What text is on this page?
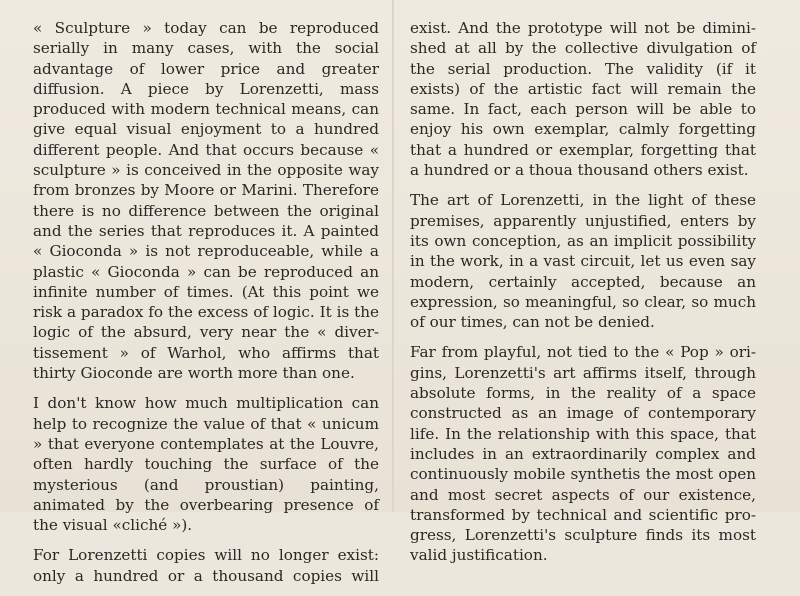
« Sculpture » today can be reproduced serially in many cases, with the social advantage of lower price and greater diffusion. A piece by Lorenzetti, mass produced with modern technical means, can give equal visual enjoyment to a hundred different people. And that occurs because « sculpture » is conceived in the opposite way from bronzes by Moore or Marini. Therefore there is no difference between the original and the series that reproduces it. A painted « Gioconda » is not reproduceable, while a plastic « Gioconda » can be reproduced an infinite number of times. (At this point we risk a paradox fo the excess of logic. It is the logic of the absurd, very near the « divertissement » of Warhol, who affirms that thirty Gioconde are worth more than one.

I don't know how much multiplication can help to recognize the value of that « unicum » that everyone contemplates at the Louvre, often hardly touching the surface of the mysterious (and proustian) painting, animated by the overbearing presence of the visual «cliché »).

For Lorenzetti copies will no longer exist: only a hundred or a thousand copies will

exist. And the prototype will not be diminished at all by the collective divulgation of the serial production. The validity (if it exists) of the artistic fact will remain the same. In fact, each person will be able to enjoy his own exemplar, calmly forgetting that a hundred or exemplar, forgetting that a hundred or a thoua thousand others exist.

The art of Lorenzetti, in the light of these premises, apparently unjustified, enters by its own conception, as an implicit possibility in the work, in a vast circuit, let us even say modern, certainly accepted, because an expression, so meaningful, so clear, so much of our times, can not be denied.

Far from playful, not tied to the « Pop » origins, Lorenzetti's art affirms itself, through absolute forms, in the reality of a space constructed as an image of contemporary life. In the relationship with this space, that includes in an extraordinarily complex and continuously mobile synthetis the most open and most secret aspects of our existence, transformed by technical and scientific progress, Lorenzetti's sculpture finds its most valid justification.
